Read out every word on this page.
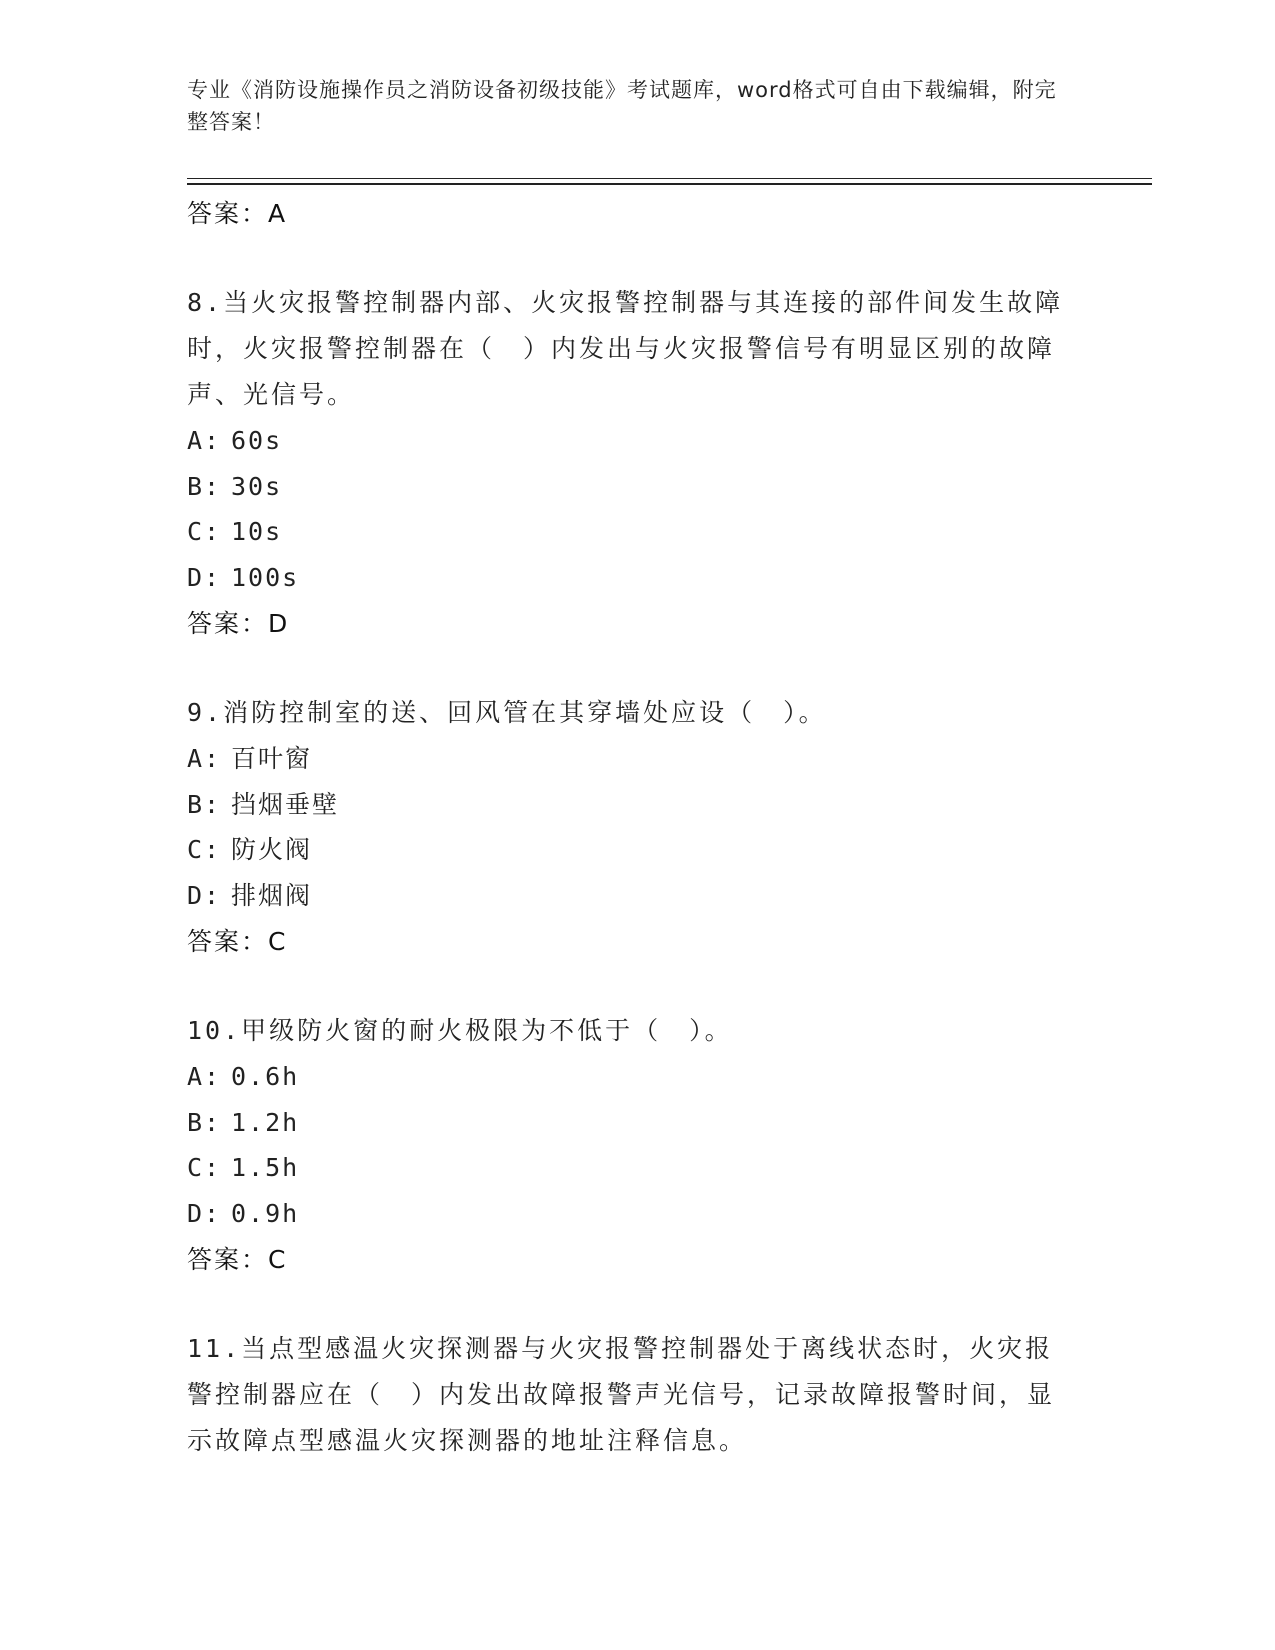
专业《消防设施操作员之消防设备初级技能》考试题库，word格式可自由下载编辑，附完整答案！
答案：A
8.当火灾报警控制器内部、火灾报警控制器与其连接的部件间发生故障时，火灾报警控制器在（　）内发出与火灾报警信号有明显区别的故障声、光信号。
A: 60s
B: 30s
C: 10s
D: 100s
答案：D
9.消防控制室的送、回风管在其穿墙处应设（　）。
A: 百叶窗
B: 挡烟垂壁
C: 防火阀
D: 排烟阀
答案：C
10.甲级防火窗的耐火极限为不低于（　）。
A: 0.6h
B: 1.2h
C: 1.5h
D: 0.9h
答案：C
11.当点型感温火灾探测器与火灾报警控制器处于离线状态时，火灾报警控制器应在（　）内发出故障报警声光信号，记录故障报警时间，显示故障点型感温火灾探测器的地址注释信息。
